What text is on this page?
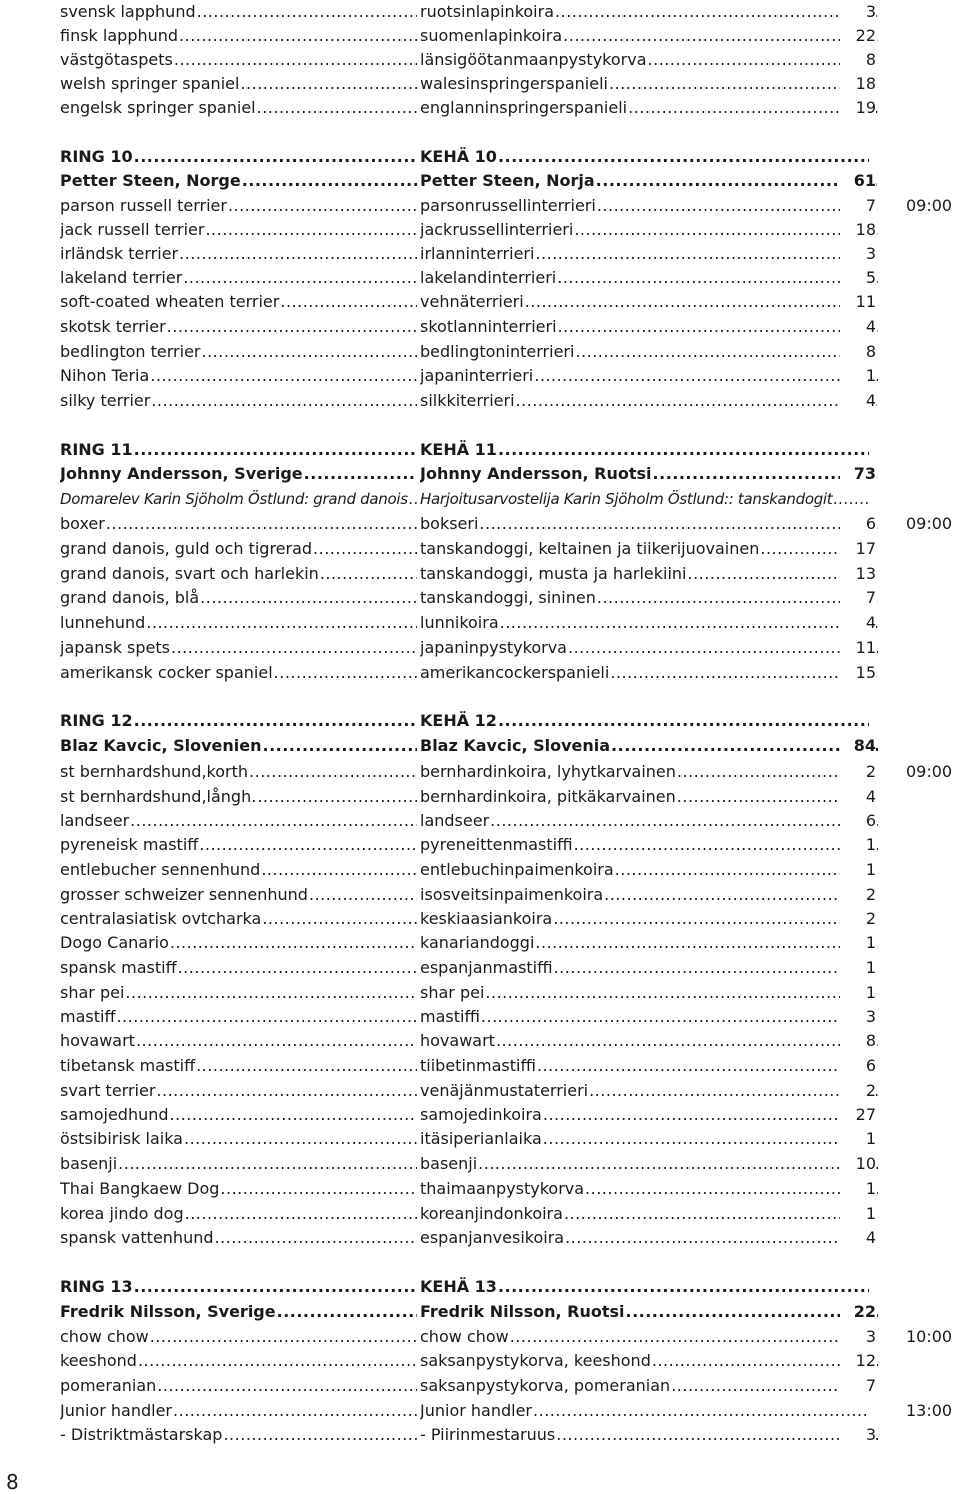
svensk lapphund .....	ruotsinlapinkoira .....	3
finsk lapphund .....	suomenlapinkoira .....	22
västgötaspets .....	länsigöötanmaanpystykorva .....	8
welsh springer spaniel .....	walesinspringerspanieli .....	18
engelsk springer spaniel .....	englanninspringerspanieli .....	19
RING 10 .....	KEHÄ 10 .....
Petter Steen, Norge .....	Petter Steen, Norja .....	61
parson russell terrier .....	parsonrussellinterrieri .....	7 09:00
jack russell terrier .....	jackrussellinterrieri .....	18
irländsk terrier .....	irlanninterrieri .....	3
lakeland terrier .....	lakelandinterrieri .....	5
soft-coated wheaten terrier .....	vehnäterrieri .....	11
skotsk terrier .....	skotlanninterrieri .....	4
bedlington terrier .....	bedlingtoninterrieri .....	8
Nihon Teria .....	japaninterrieri .....	1
silky terrier .....	silkkiterrieri .....	4
RING 11 .....	KEHÄ 11 .....
Johnny Andersson, Sverige .....	Johnny Andersson, Ruotsi .....	73
Domarelev Karin Sjöholm Östlund: grand danois ..... Harjoitusarvostelija Karin Sjöholm Östlund:: tanskandogit .....
boxer .....	bokseri .....	6 09:00
grand danois, guld och tigrerad .....	tanskandoggi, keltainen ja tiikerijuovainen .....	17
grand danois, svart och harlekin .....	tanskandoggi, musta ja harlekiini .....	13
grand danois, blå .....	tanskandoggi, sininen .....	7
lunnehund .....	lunnikoira .....	4
japansk spets .....	japaninpystykorva .....	11
amerikansk cocker spaniel .....	amerikancockerspanieli .....	15
RING 12 .....	KEHÄ 12 .....
Blaz Kavcic, Slovenien .....	Blaz Kavcic, Slovenia .....	84
st bernhardshund,korth .....	bernhardinkoira, lyhytkarvainen .....	2 09:00
st bernhardshund,långh. .....	bernhardinkoira, pitkäkarvainen .....	4
landseer .....	landseer .....	6
pyreneisk mastiff .....	pyreneittenmastiffi .....	1
entlebucher sennenhund .....	entlebuchinpaimenkoira .....	1
grosser schweizer sennenhund .....	isosveitsinpaimenkoira .....	2
centralasiatisk ovtcharka .....	keskiaasiankoira .....	2
Dogo Canario .....	kanariandoggi .....	1
spansk mastiff .....	espanjanmastiffi .....	1
shar pei .....	shar pei .....	1
mastiff .....	mastiffi .....	3
hovawart .....	hovawart .....	8
tibetansk mastiff .....	tiibetinmastiffi .....	6
svart terrier .....	venäjänmustaterrieri .....	2
samojedhund .....	samojedinkoira .....	27
östsibirisk laika .....	itäsiperianlaika .....	1
basenji .....	basenji .....	10
Thai Bangkaew Dog .....	thaimaanpystykorva .....	1
korea jindo dog .....	koreanjindonkoira .....	1
spansk vattenhund .....	espanjanvesikoira .....	4
RING 13 .....	KEHÄ 13 .....
Fredrik Nilsson, Sverige .....	Fredrik Nilsson, Ruotsi .....	22
chow chow .....	chow chow .....	3 10:00
keeshond .....	saksanpystykorva, keeshond .....	12
pomeranian .....	saksanpystykorva, pomeranian .....	7
Junior handler .....	Junior handler .....	13:00
- Distriktmästarskap .....	- Piirinmestaruus .....	3
8
